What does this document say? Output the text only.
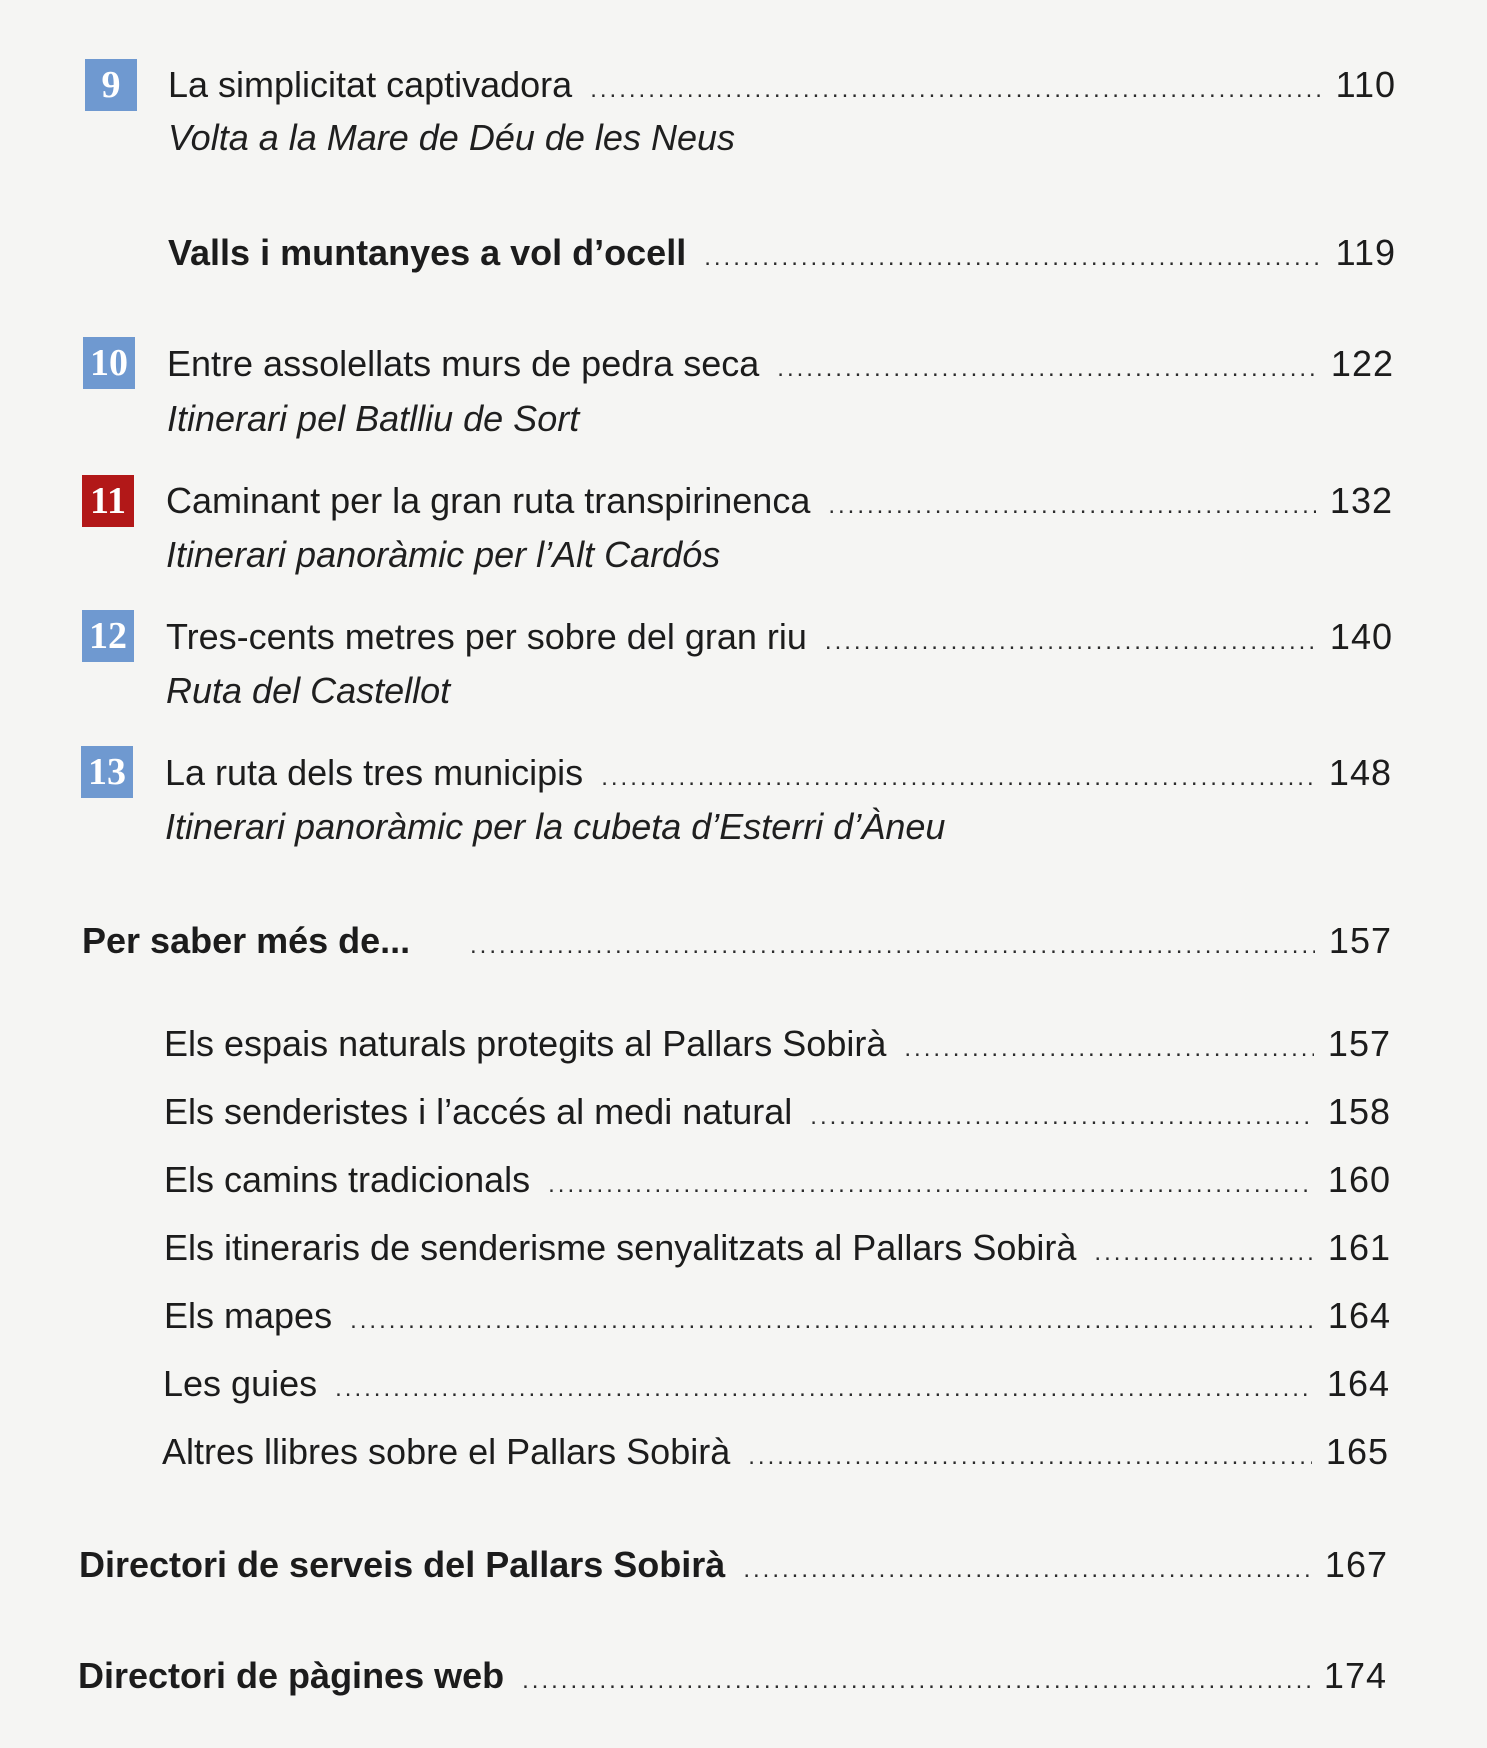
9 La simplicitat captivadora .....	110
Volta a la Mare de Déu de les Neus
Valls i muntanyes a vol d’ocell .....	119
10 Entre assolellats murs de pedra seca .....	122
Itinerari pel Batlliu de Sort
11 Caminant per la gran ruta transpirinenca .....	132
Itinerari panoràmic per l’Alt Cardós
12 Tres-cents metres per sobre del gran riu .....	140
Ruta del Castellot
13 La ruta dels tres municipis .....	148
Itinerari panoràmic per la cubeta d’Esterri d’Àneu
Per saber més de... .....	157
Els espais naturals protegits al Pallars Sobirà .....	157
Els senderistes i l’accés al medi natural .....	158
Els camins tradicionals .....	160
Els itineraris de senderisme senyalitzats al Pallars Sobirà .....	161
Els mapes .....	164
Les guies .....	164
Altres llibres sobre el Pallars Sobirà .....	165
Directori de serveis del Pallars Sobirà .....	167
Directori de pàgines web .....	174
